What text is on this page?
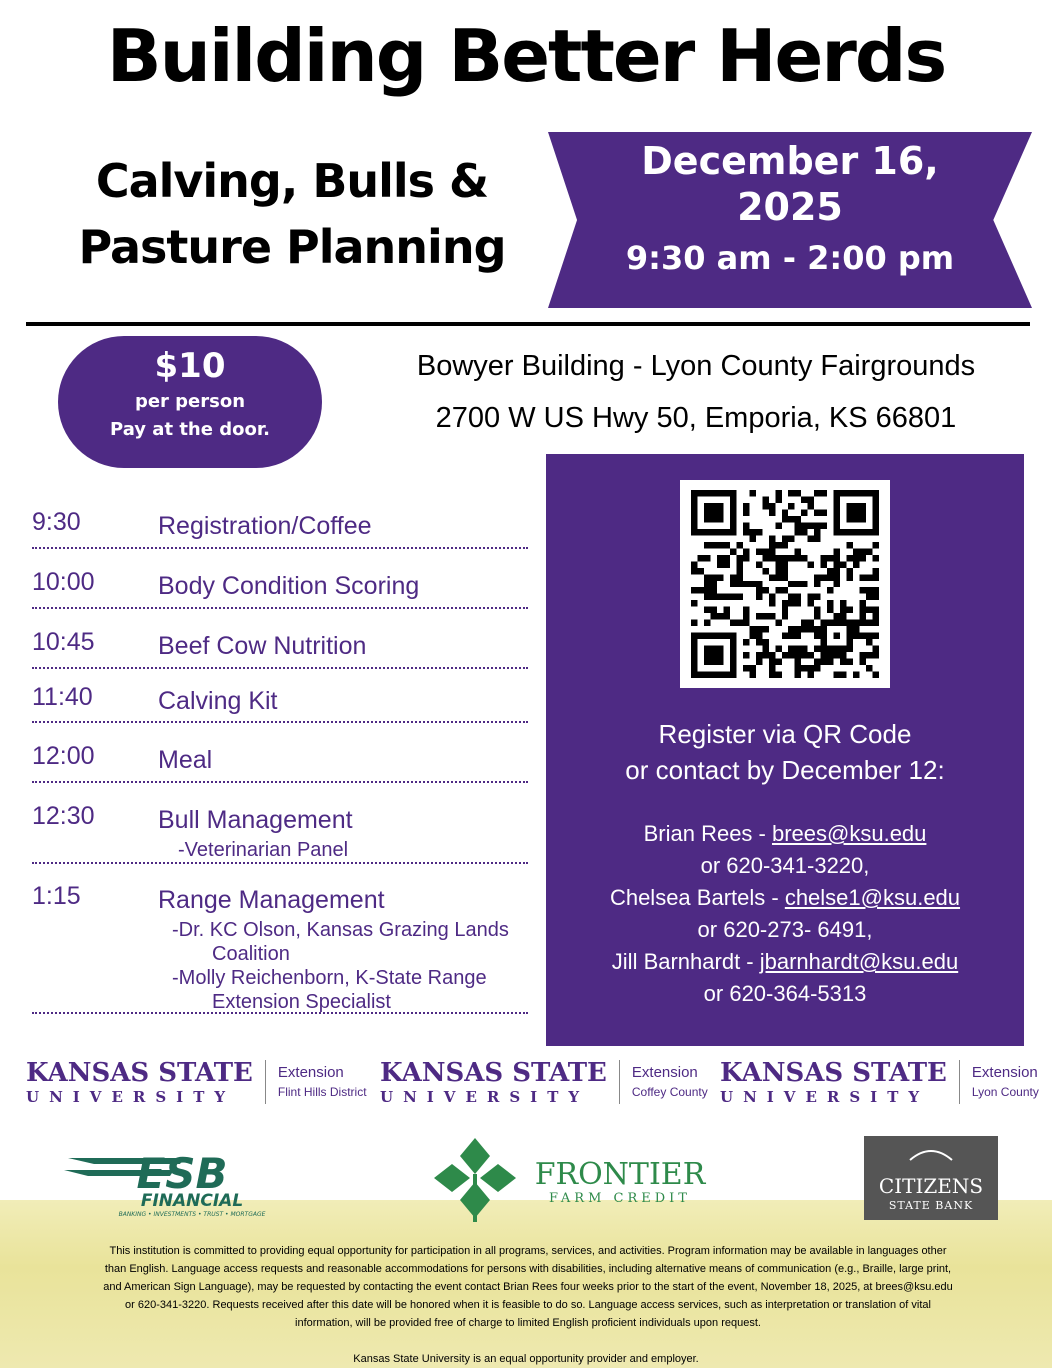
Building Better Herds
Calving, Bulls &
Pasture Planning
December 16,
2025
9:30 am - 2:00 pm
$10
per person
Pay at the door.
Bowyer Building - Lyon County Fairgrounds
2700 W US Hwy 50, Emporia, KS 66801
9:30	Registration/Coffee
10:00	Body Condition Scoring
10:45	Beef Cow Nutrition
11:40	Calving Kit
12:00	Meal
12:30	Bull Management
-Veterinarian Panel
1:15	Range Management
-Dr. KC Olson, Kansas Grazing Lands
Coalition
-Molly Reichenborn, K-State Range
Extension Specialist
Register via QR Code
or contact by December 12:
Brian Rees - brees@ksu.edu
or 620-341-3220,
Chelsea Bartels - chelse1@ksu.edu
or 620-273- 6491,
Jill Barnhardt - jbarnhardt@ksu.edu
or 620-364-5313
KANSAS STATE
UNIVERSITY
Extension
Flint Hills District
KANSAS STATE
UNIVERSITY
Extension
Coffey County
KANSAS STATE
UNIVERSITY
Extension
Lyon County
ESB
FINANCIAL
BANKING • INVESTMENTS • TRUST • MORTGAGE
FRONTIER
FARM CREDIT
CITIZENS
STATE BANK
This institution is committed to providing equal opportunity for participation in all programs, services, and activities. Program information may be available in languages other
than English. Language access requests and reasonable accommodations for persons with disabilities, including alternative means of communication (e.g., Braille, large print,
and American Sign Language), may be requested by contacting the event contact Brian Rees four weeks prior to the start of the event, November 18, 2025, at brees@ksu.edu
or 620-341-3220. Requests received after this date will be honored when it is feasible to do so. Language access services, such as interpretation or translation of vital
information, will be provided free of charge to limited English proficient individuals upon request.
Kansas State University is an equal opportunity provider and employer.
